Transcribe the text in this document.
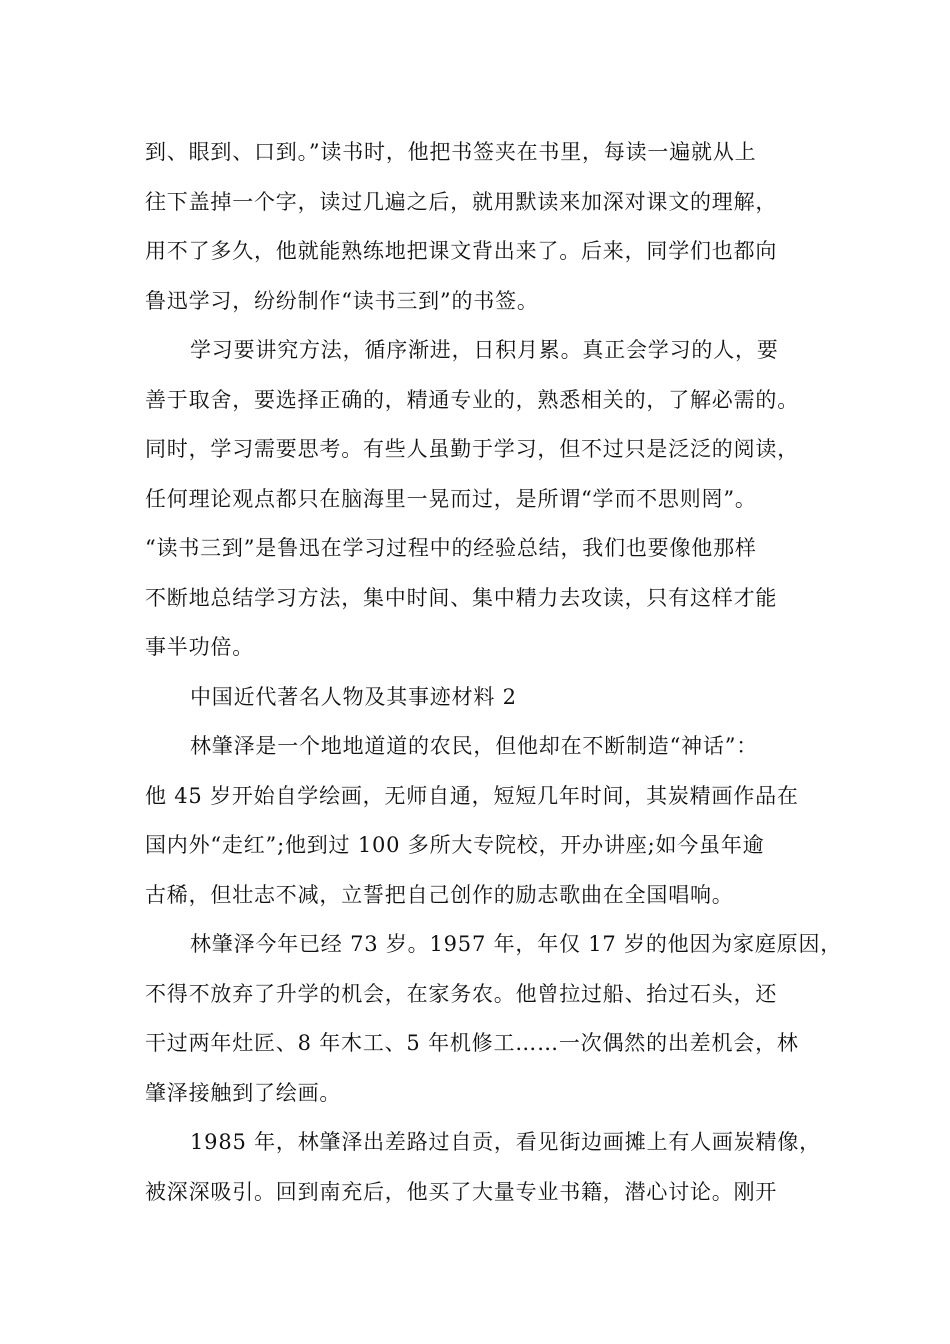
到、眼到、口到。”读书时，他把书签夹在书里，每读一遍就从上
往下盖掉一个字，读过几遍之后，就用默读来加深对课文的理解，
用不了多久，他就能熟练地把课文背出来了。后来，同学们也都向
鲁迅学习，纷纷制作“读书三到”的书签。
学习要讲究方法，循序渐进，日积月累。真正会学习的人，要
善于取舍，要选择正确的，精通专业的，熟悉相关的，了解必需的。
同时，学习需要思考。有些人虽勤于学习，但不过只是泛泛的阅读，
任何理论观点都只在脑海里一晃而过，是所谓“学而不思则罔”。
“读书三到”是鲁迅在学习过程中的经验总结，我们也要像他那样
不断地总结学习方法，集中时间、集中精力去攻读，只有这样才能
事半功倍。
中国近代著名人物及其事迹材料 2
林肇泽是一个地地道道的农民，但他却在不断制造“神话”：
他 45 岁开始自学绘画，无师自通，短短几年时间，其炭精画作品在
国内外“走红”;他到过 100 多所大专院校，开办讲座;如今虽年逾
古稀，但壮志不减，立誓把自己创作的励志歌曲在全国唱响。
林肇泽今年已经 73 岁。1957 年，年仅 17 岁的他因为家庭原因，
不得不放弃了升学的机会，在家务农。他曾拉过船、抬过石头，还
干过两年灶匠、8 年木工、5 年机修工……一次偶然的出差机会，林
肇泽接触到了绘画。
1985 年，林肇泽出差路过自贡，看见街边画摊上有人画炭精像，
被深深吸引。回到南充后，他买了大量专业书籍，潜心讨论。刚开
